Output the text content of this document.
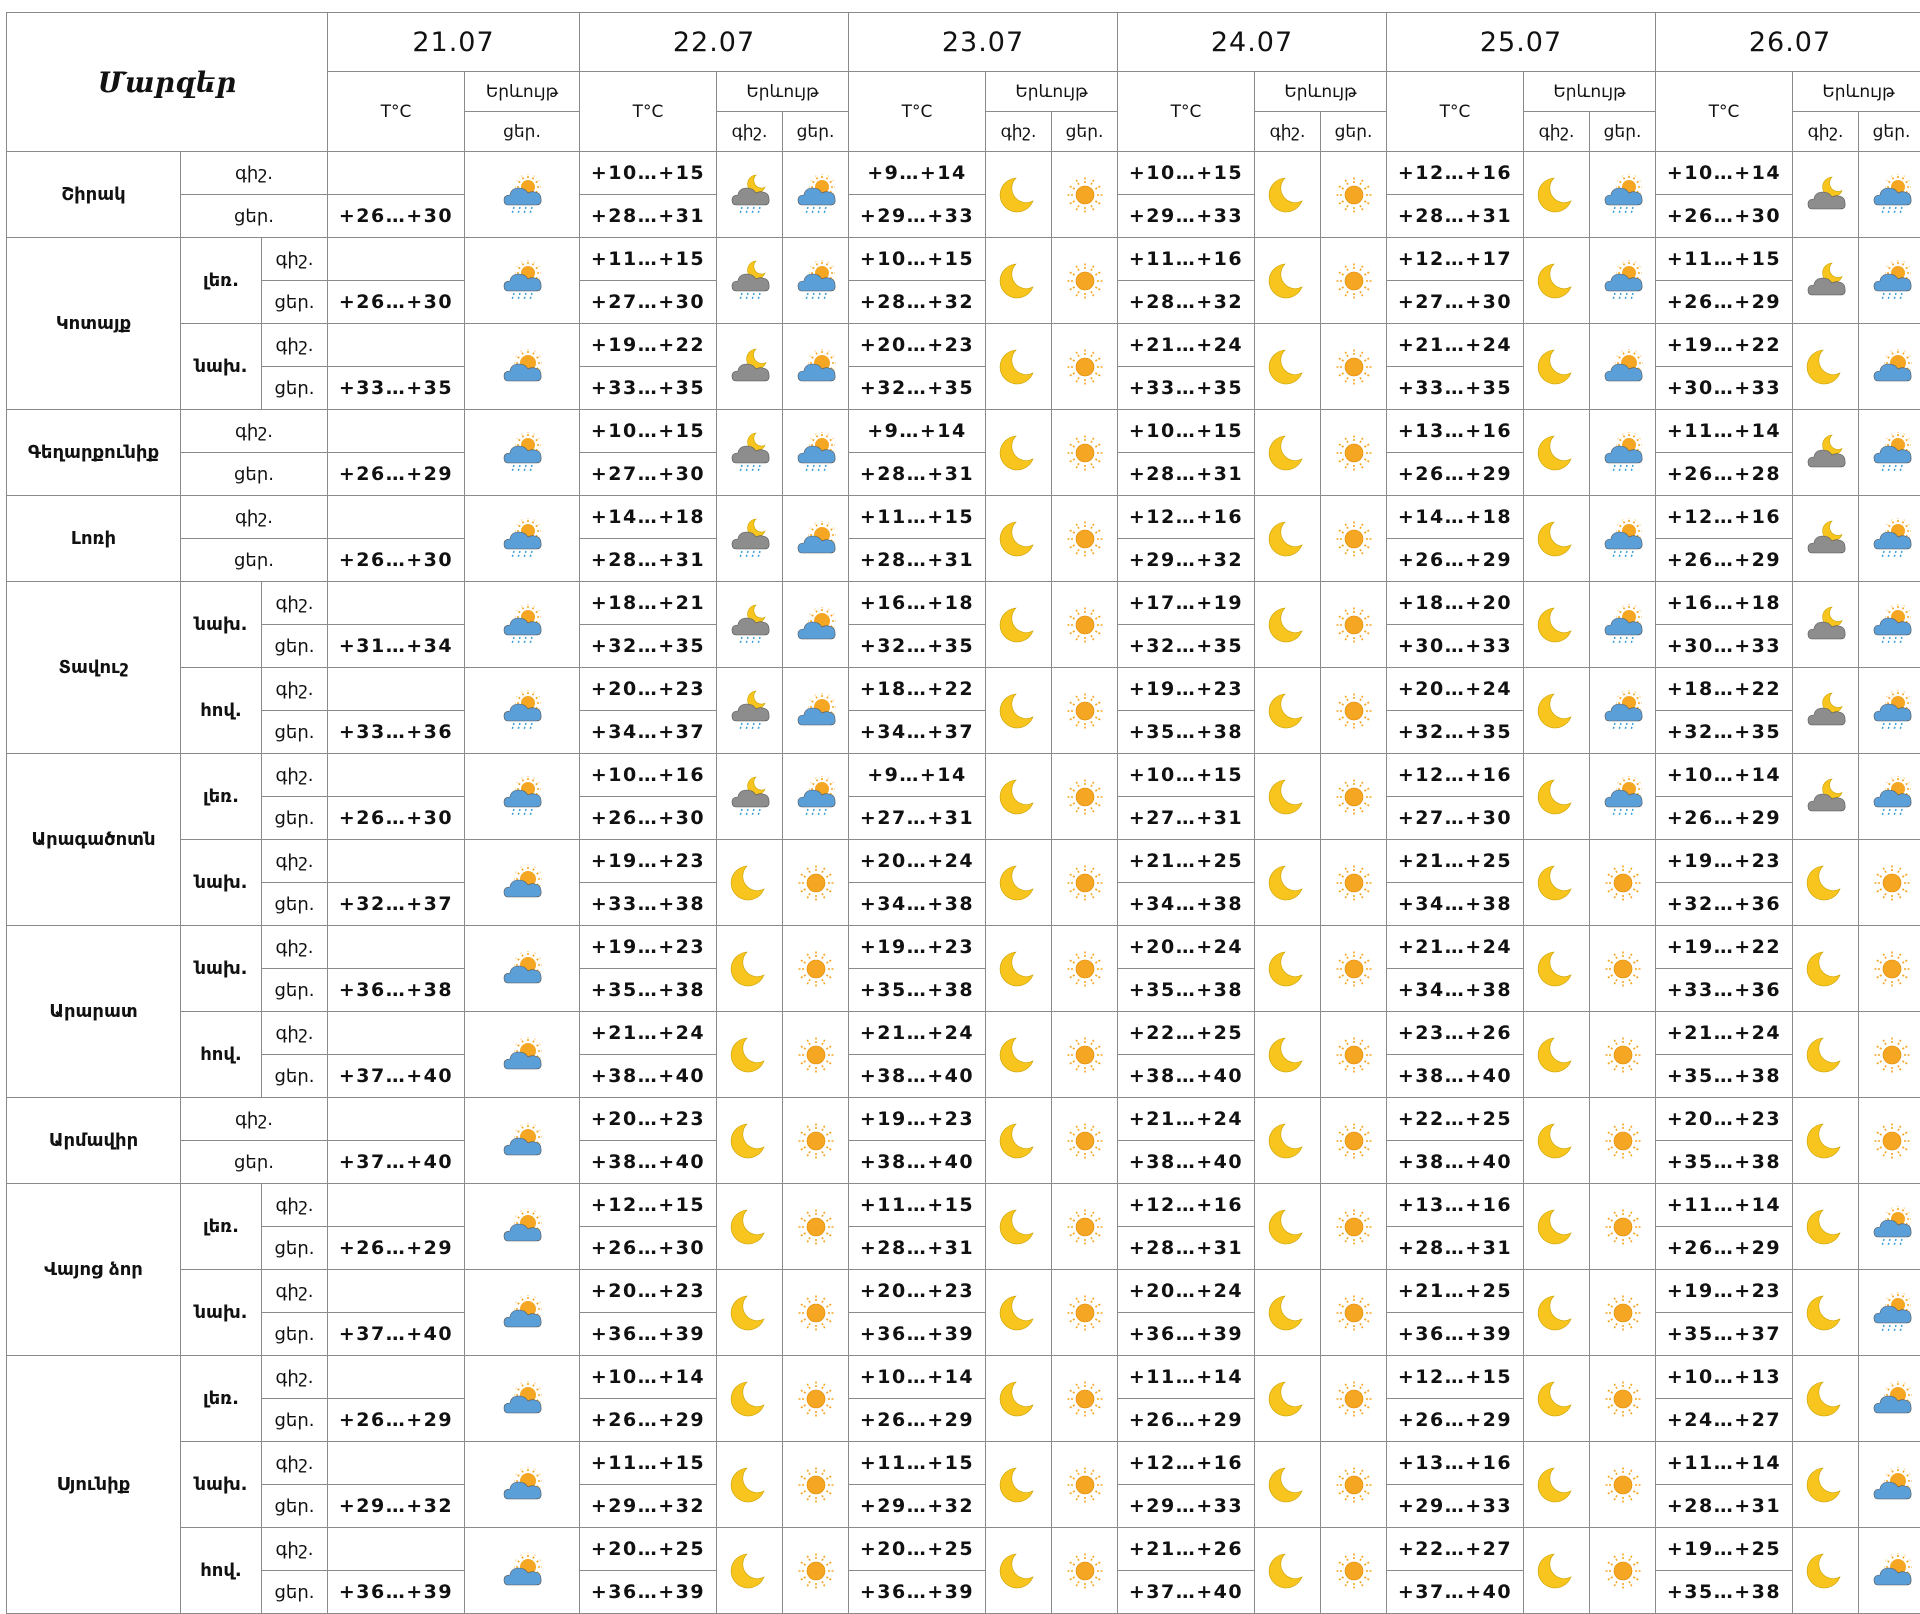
Մարզեր			21.07		22.07			23.07			24.07			25.07			26.07		
			T°C	Երևույթ	T°C	Երևույթ		T°C	Երևույթ		T°C	Երևույթ		T°C	Երևույթ		T°C	Երևույթ	
				ցեր.		գիշ.	ցեր.		գիշ.	ցեր.		գիշ.	ցեր.		գիշ.	ցեր.		գիշ.	ցեր.
Շիրակ	գիշ.				+10…+15			+9…+14			+10…+15			+12…+16			+10…+14	

	ցեր.		+26…+30		+28…+31			+29…+33			+29…+33			+28…+31			+26…+30		
Կոտայք	լեռ.	գիշ.			+11…+15			+10…+15			+11…+16			+12…+17			+11…+15	

		ցեր.	+26…+30		+27…+30			+28…+32			+28…+32			+27…+30			+26…+29		
	նախ.	գիշ.			+19…+22			+20…+23			+21…+24			+21…+24			+19…+22	

		ցեր.	+33…+35		+33…+35			+32…+35			+33…+35			+33…+35			+30…+33		
Գեղարքունիք	գիշ.				+10…+15			+9…+14			+10…+15			+13…+16			+11…+14	

	ցեր.		+26…+29		+27…+30			+28…+31			+28…+31			+26…+29			+26…+28		
Լոռի	գիշ.				+14…+18			+11…+15			+12…+16			+14…+18			+12…+16	

	ցեր.		+26…+30		+28…+31			+28…+31			+29…+32			+26…+29			+26…+29		
Տավուշ	նախ.	գիշ.			+18…+21			+16…+18			+17…+19			+18…+20			+16…+18	

		ցեր.	+31…+34		+32…+35			+32…+35			+32…+35			+30…+33			+30…+33		
	հով.	գիշ.			+20…+23			+18…+22			+19…+23			+20…+24			+18…+22	

		ցեր.	+33…+36		+34…+37			+34…+37			+35…+38			+32…+35			+32…+35		
Արագածոտն	լեռ.	գիշ.			+10…+16			+9…+14			+10…+15			+12…+16			+10…+14	

		ցեր.	+26…+30		+26…+30			+27…+31			+27…+31			+27…+30			+26…+29		
	նախ.	գիշ.			+19…+23			+20…+24			+21…+25			+21…+25			+19…+23	

		ցեր.	+32…+37		+33…+38			+34…+38			+34…+38			+34…+38			+32…+36		
Արարատ	նախ.	գիշ.			+19…+23			+19…+23			+20…+24			+21…+24			+19…+22	

		ցեր.	+36…+38		+35…+38			+35…+38			+35…+38			+34…+38			+33…+36		
	հով.	գիշ.			+21…+24			+21…+24			+22…+25			+23…+26			+21…+24	

		ցեր.	+37…+40		+38…+40			+38…+40			+38…+40			+38…+40			+35…+38		
Արմավիր	գիշ.				+20…+23			+19…+23			+21…+24			+22…+25			+20…+23	

	ցեր.		+37…+40		+38…+40			+38…+40			+38…+40			+38…+40			+35…+38		
Վայոց ձոր	լեռ.	գիշ.			+12…+15			+11…+15			+12…+16			+13…+16			+11…+14	

		ցեր.	+26…+29		+26…+30			+28…+31			+28…+31			+28…+31			+26…+29		
	նախ.	գիշ.			+20…+23			+20…+23			+20…+24			+21…+25			+19…+23	

		ցեր.	+37…+40		+36…+39			+36…+39			+36…+39			+36…+39			+35…+37		
Սյունիք	լեռ.	գիշ.			+10…+14			+10…+14			+11…+14			+12…+15			+10…+13	

		ցեր.	+26…+29		+26…+29			+26…+29			+26…+29			+26…+29			+24…+27		
	նախ.	գիշ.			+11…+15			+11…+15			+12…+16			+13…+16			+11…+14	

		ցեր.	+29…+32		+29…+32			+29…+32			+29…+33			+29…+33			+28…+31		
	հով.	գիշ.			+20…+25			+20…+25			+21…+26			+22…+27			+19…+25	

		ցեր.	+36…+39		+36…+39			+36…+39			+37…+40			+37…+40			+35…+38		
